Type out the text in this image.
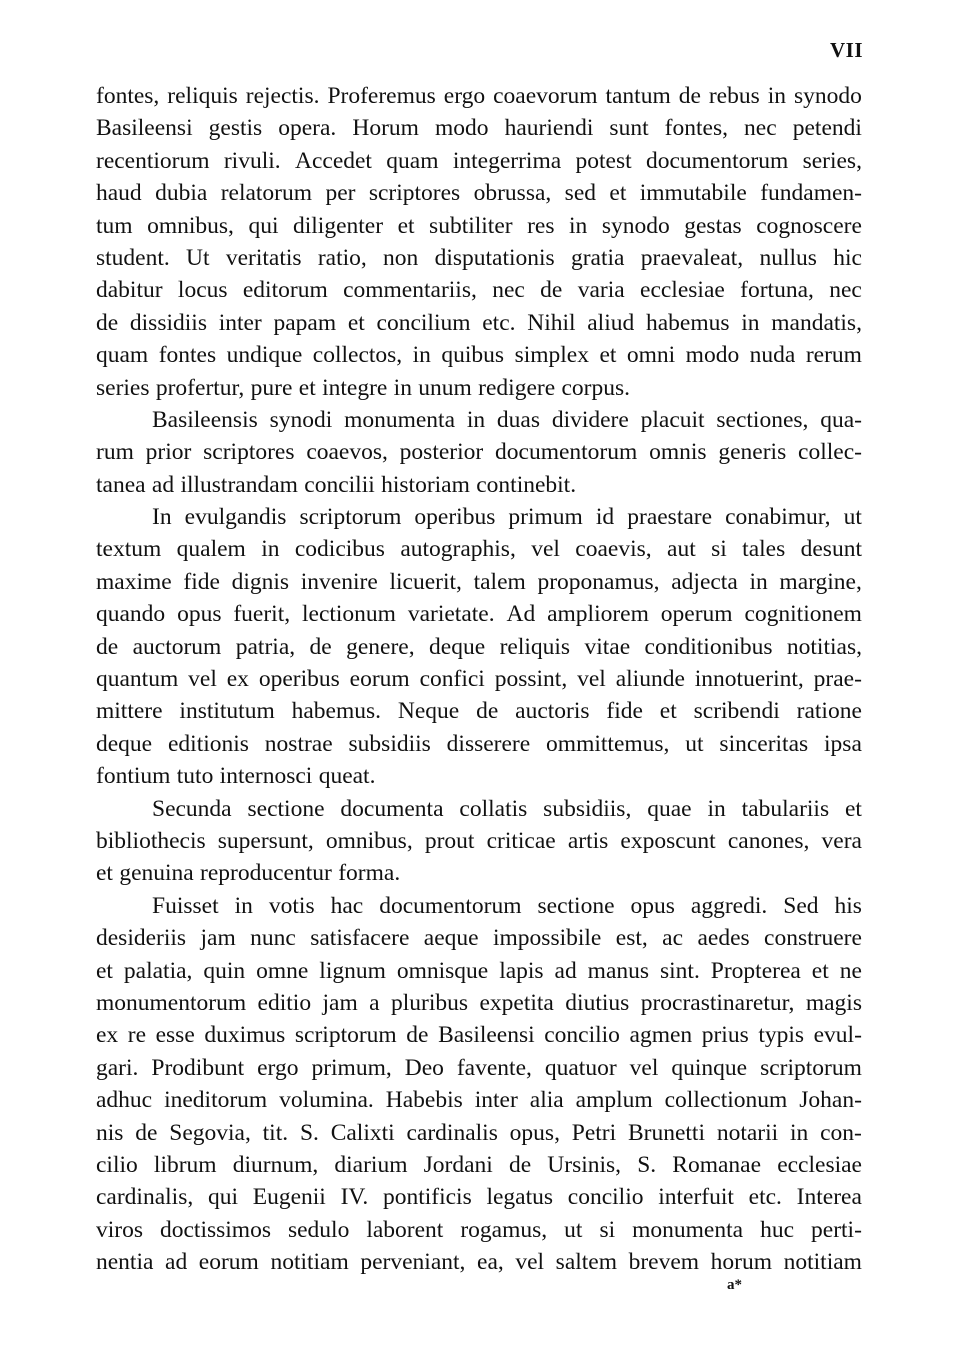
VII
fontes, reliquis rejectis. Proferemus ergo coaevorum tantum de rebus in synodo
Basileensi gestis opera. Horum modo hauriendi sunt fontes, nec petendi
recentiorum rivuli. Accedet quam integerrima potest documentorum series,
haud dubia relatorum per scriptores obrussa, sed et immutabile fundamen-
tum omnibus, qui diligenter et subtiliter res in synodo gestas cognoscere
student. Ut veritatis ratio, non disputationis gratia praevaleat, nullus hic
dabitur locus editorum commentariis, nec de varia ecclesiae fortuna, nec
de dissidiis inter papam et concilium etc. Nihil aliud habemus in mandatis,
quam fontes undique collectos, in quibus simplex et omni modo nuda rerum
series profertur, pure et integre in unum redigere corpus.
Basileensis synodi monumenta in duas dividere placuit sectiones, qua-
rum prior scriptores coaevos, posterior documentorum omnis generis collec-
tanea ad illustrandam concilii historiam continebit.
In evulgandis scriptorum operibus primum id praestare conabimur, ut
textum qualem in codicibus autographis, vel coaevis, aut si tales desunt
maxime fide dignis invenire licuerit, talem proponamus, adjecta in margine,
quando opus fuerit, lectionum varietate. Ad ampliorem operum cognitionem
de auctorum patria, de genere, deque reliquis vitae conditionibus notitias,
quantum vel ex operibus eorum confici possint, vel aliunde innotuerint, prae-
mittere institutum habemus. Neque de auctoris fide et scribendi ratione
deque editionis nostrae subsidiis disserere ommittemus, ut sinceritas ipsa
fontium tuto internosci queat.
Secunda sectione documenta collatis subsidiis, quae in tabulariis et
bibliothecis supersunt, omnibus, prout criticae artis exposcunt canones, vera
et genuina reproducentur forma.
Fuisset in votis hac documentorum sectione opus aggredi. Sed his
desideriis jam nunc satisfacere aeque impossibile est, ac aedes construere
et palatia, quin omne lignum omnisque lapis ad manus sint. Propterea et ne
monumentorum editio jam a pluribus expetita diutius procrastinaretur, magis
ex re esse duximus scriptorum de Basileensi concilio agmen prius typis evul-
gari. Prodibunt ergo primum, Deo favente, quatuor vel quinque scriptorum
adhuc ineditorum volumina. Habebis inter alia amplum collectionum Johan-
nis de Segovia, tit. S. Calixti cardinalis opus, Petri Brunetti notarii in con-
cilio librum diurnum, diarium Jordani de Ursinis, S. Romanae ecclesiae
cardinalis, qui Eugenii IV. pontificis legatus concilio interfuit etc. Interea
viros doctissimos sedulo laborent rogamus, ut si monumenta huc perti-
nentia ad eorum notitiam perveniant, ea, vel saltem brevem horum notitiam
a*
